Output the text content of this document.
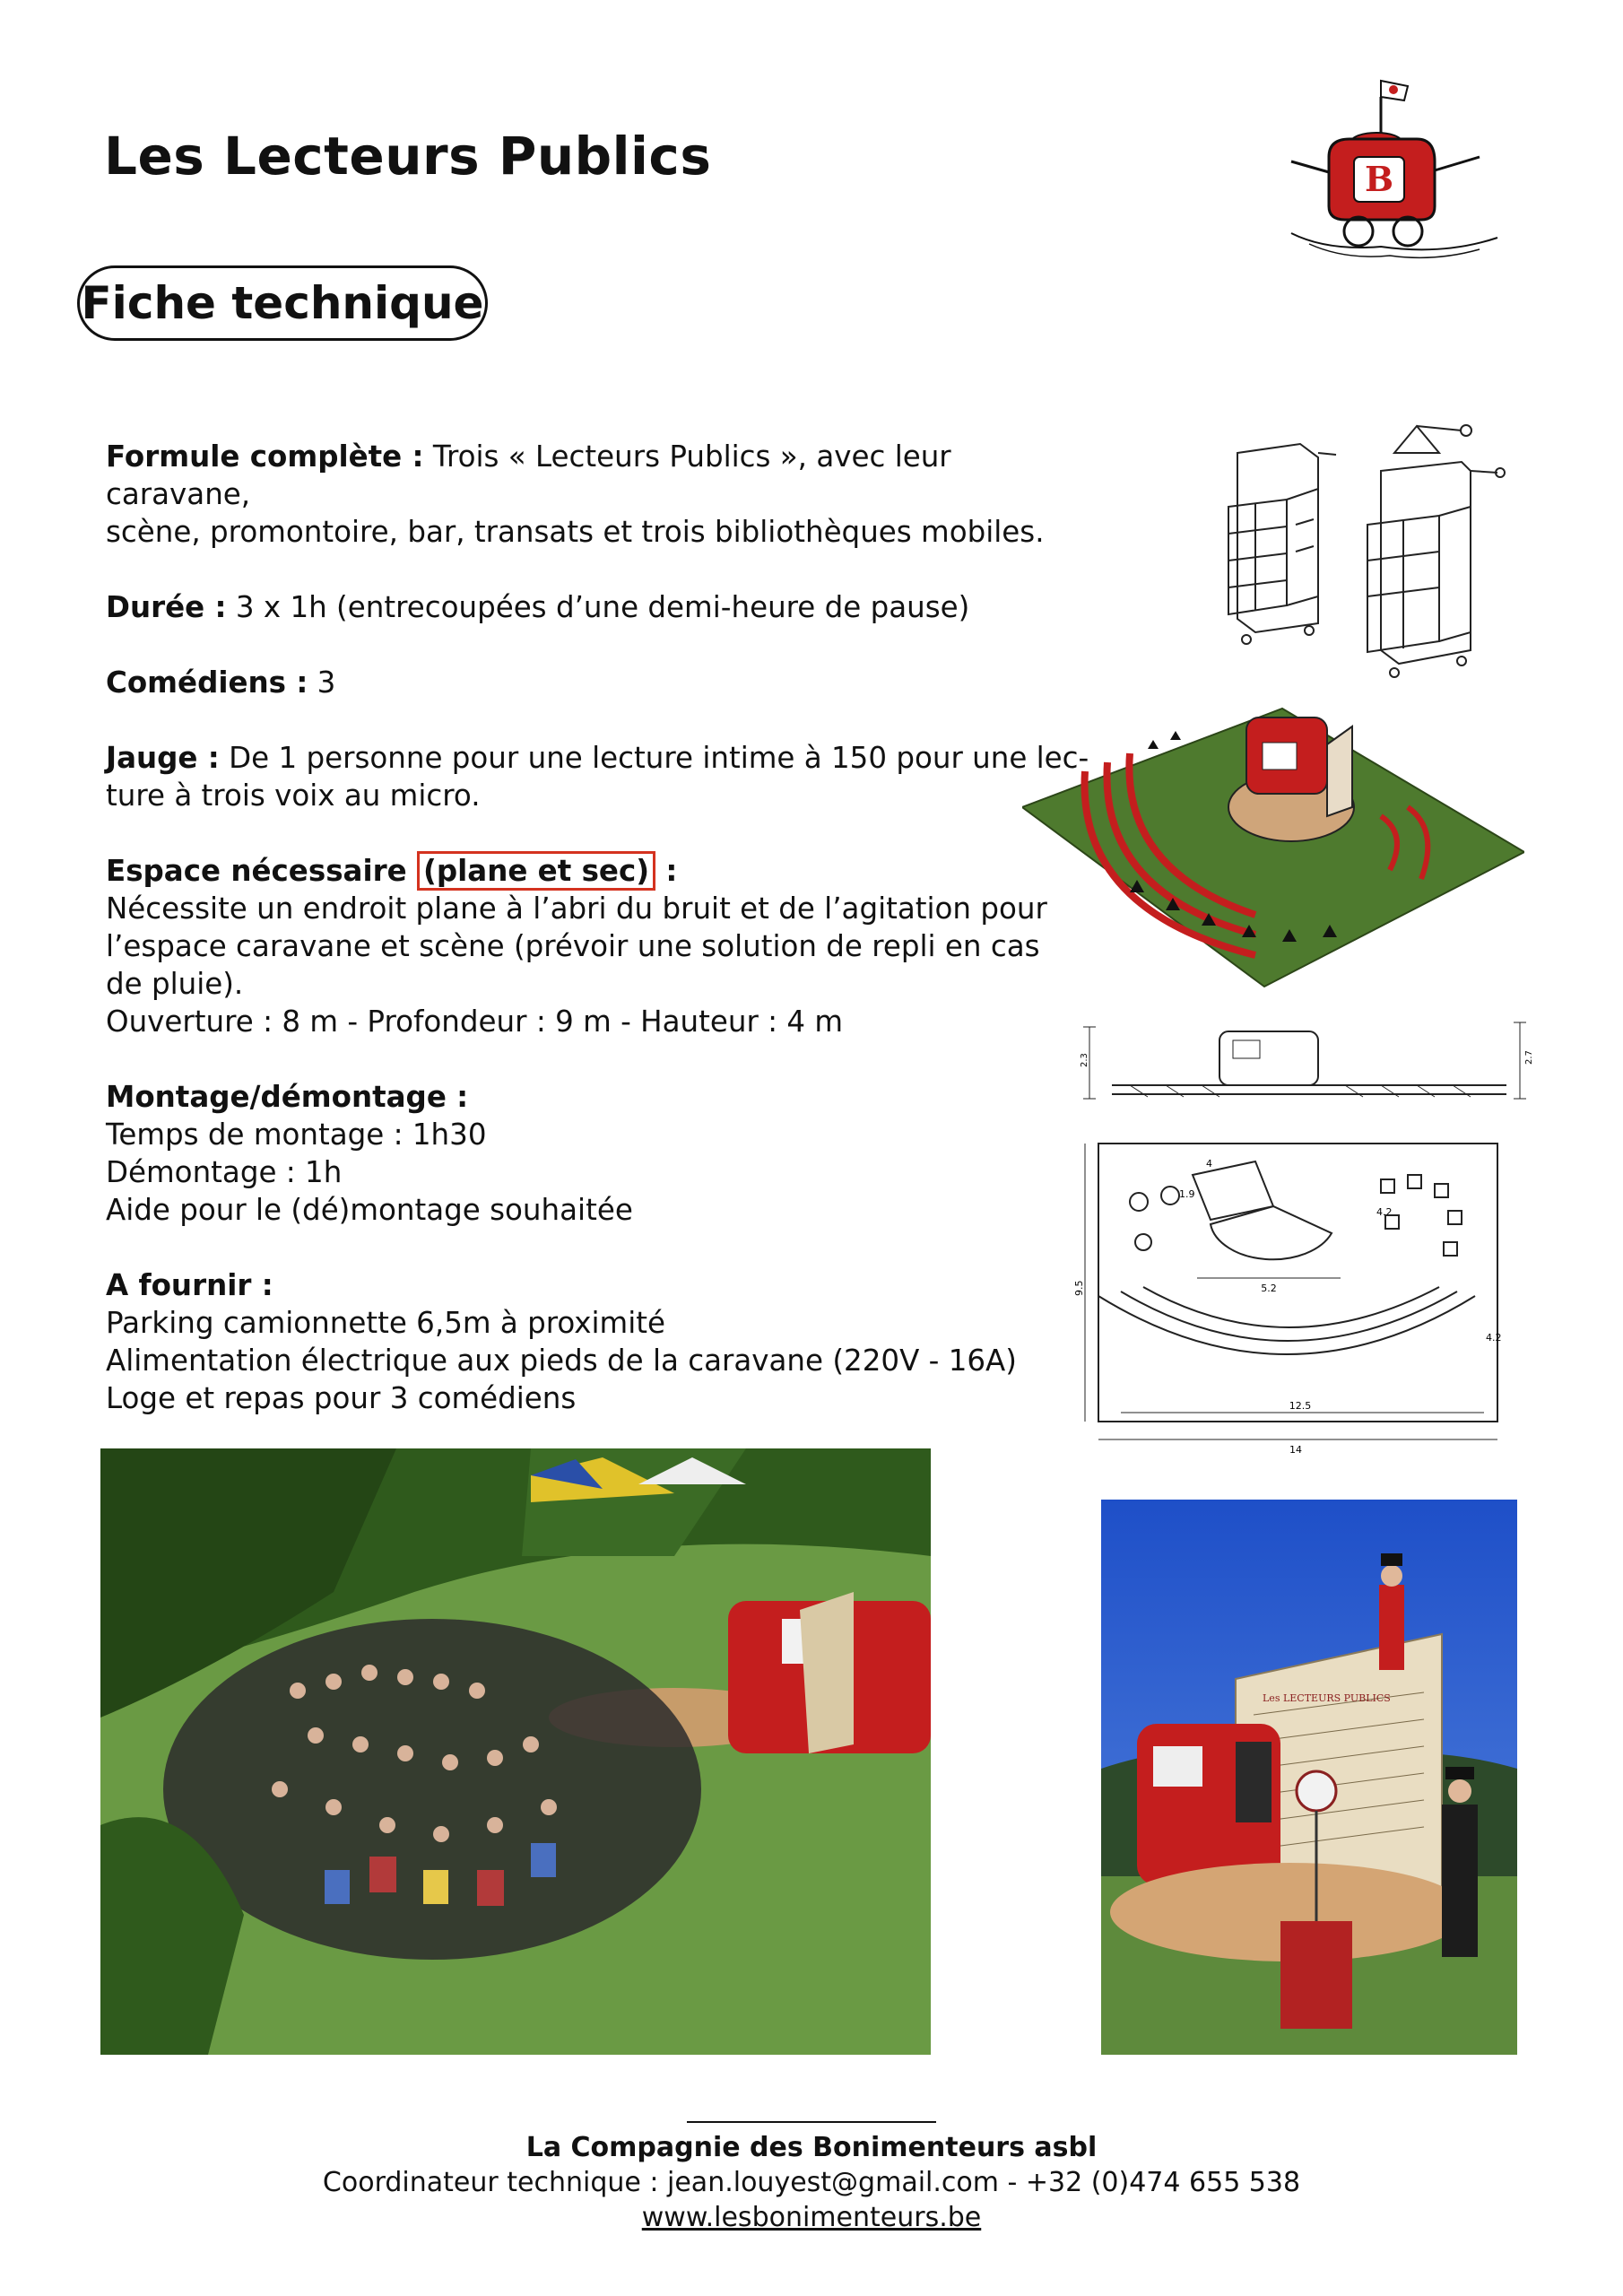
Les Lecteurs Publics	B
Fiche technique

Formule complète : Trois « Lecteurs Publics », avec leur caravane,

scène, promontoire, bar, transats et trois bibliothèques mobiles.

Durée : 3 x 1h (entrecoupées d’une demi-heure de pause)

Comédiens : 3

Jauge : De 1 personne pour une lecture intime à 150 pour une lec-

ture à trois voix au micro.

Espace nécessaire (plane et sec) :

Nécessite un endroit plane à l’abri du bruit et de l’agitation pour

l’espace caravane et scène (prévoir une solution de repli en cas

de pluie).

Ouverture : 8 m - Profondeur : 9 m - Hauteur : 4 m

Montage/démontage :

Temps de montage : 1h30

Démontage : 1h

Aide pour le (dé)montage souhaitée

A fournir :

Parking camionnette 6,5m à proximité

Alimentation électrique aux pieds de la caravane (220V - 16A)

Loge et repas pour 3 comédiens

2.3	2.7
9.5
14
12.5
4
1.9
5.2
4.2
4.2
Les LECTEURS PUBLICS
La Compagnie des Bonimenteurs asbl
Coordinateur technique : jean.louyest@gmail.com - +32 (0)474 655 538
www.lesbonimenteurs.be
